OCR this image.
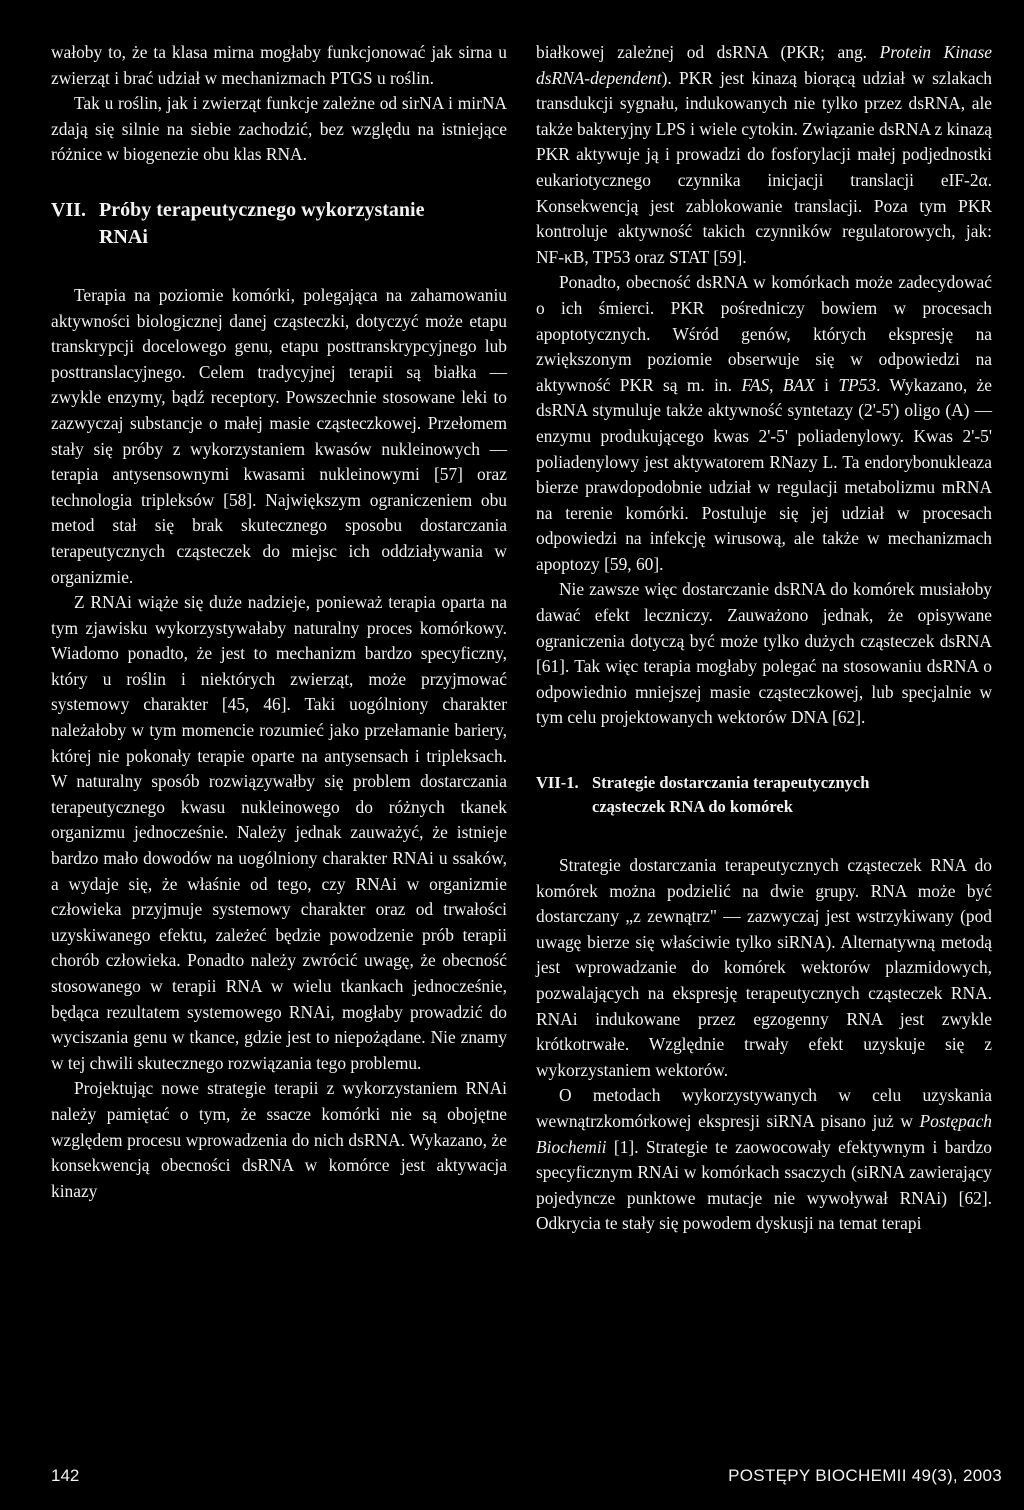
wałoby to, że ta klasa mirna mogłaby funkcjonować jak sirna u zwierząt i brać udział w mechanizmach PTGS u roślin.

Tak u roślin, jak i zwierząt funkcje zależne od sirNA i mirNA zdają się silnie na siebie zachodzić, bez względu na istniejące różnice w biogenezie obu klas RNA.

VII. Próby terapeutycznego wykorzystanie
RNAi

Terapia na poziomie komórki, polegająca na zahamowaniu aktywności biologicznej danej cząsteczki, dotyczyć może etapu transkrypcji docelowego genu, etapu posttranskrypcyjnego lub posttranslacyjnego. Celem tradycyjnej terapii są białka — zwykle enzymy, bądź receptory. Powszechnie stosowane leki to zazwyczaj substancje o małej masie cząsteczkowej. Przełomem stały się próby z wykorzystaniem kwasów nukleinowych — terapia antysensownymi kwasami nukleinowymi [57] oraz technologia tripleksów [58]. Największym ograniczeniem obu metod stał się brak skutecznego sposobu dostarczania terapeutycznych cząsteczek do miejsc ich oddziaływania w organizmie.

Z RNAi wiąże się duże nadzieje, ponieważ terapia oparta na tym zjawisku wykorzystywałaby naturalny proces komórkowy. Wiadomo ponadto, że jest to mechanizm bardzo specyficzny, który u roślin i niektórych zwierząt, może przyjmować systemowy charakter [45, 46]. Taki uogólniony charakter należałoby w tym momencie rozumieć jako przełamanie bariery, której nie pokonały terapie oparte na antysensach i tripleksach. W naturalny sposób rozwiązywałby się problem dostarczania terapeutycznego kwasu nukleinowego do różnych tkanek organizmu jednocześnie. Należy jednak zauważyć, że istnieje bardzo mało dowodów na uogólniony charakter RNAi u ssaków, a wydaje się, że właśnie od tego, czy RNAi w organizmie człowieka przyjmuje systemowy charakter oraz od trwałości uzyskiwanego efektu, zależeć będzie powodzenie prób terapii chorób człowieka. Ponadto należy zwrócić uwagę, że obecność stosowanego w terapii RNA w wielu tkankach jednocześnie, będąca rezultatem systemowego RNAi, mogłaby prowadzić do wyciszania genu w tkance, gdzie jest to niepożądane. Nie znamy w tej chwili skutecznego rozwiązania tego problemu.

Projektując nowe strategie terapii z wykorzystaniem RNAi należy pamiętać o tym, że ssacze komórki nie są obojętne względem procesu wprowadzenia do nich dsRNA. Wykazano, że konsekwencją obecności dsRNA w komórce jest aktywacja kinazy

białkowej zależnej od dsRNA (PKR; ang. Protein Kinase dsRNA-dependent). PKR jest kinazą biorącą udział w szlakach transdukcji sygnału, indukowanych nie tylko przez dsRNA, ale także bakteryjny LPS i wiele cytokin. Związanie dsRNA z kinazą PKR aktywuje ją i prowadzi do fosforylacji małej podjednostki eukariotycznego czynnika inicjacji translacji eIF-2α. Konsekwencją jest zablokowanie translacji. Poza tym PKR kontroluje aktywność takich czynników regulatorowych, jak: NF-κB, TP53 oraz STAT [59].

Ponadto, obecność dsRNA w komórkach może zadecydować o ich śmierci. PKR pośredniczy bowiem w procesach apoptotycznych. Wśród genów, których ekspresję na zwiększonym poziomie obserwuje się w odpowiedzi na aktywność PKR są m. in. FAS, BAX i TP53. Wykazano, że dsRNA stymuluje także aktywność syntetazy (2'-5') oligo (A) — enzymu produkującego kwas 2'-5' poliadenylowy. Kwas 2'-5' poliadenylowy jest aktywatorem RNazy L. Ta endorybonukleaza bierze prawdopodobnie udział w regulacji metabolizmu mRNA na terenie komórki. Postuluje się jej udział w procesach odpowiedzi na infekcję wirusową, ale także w mechanizmach apoptozy [59, 60].

Nie zawsze więc dostarczanie dsRNA do komórek musiałoby dawać efekt leczniczy. Zauważono jednak, że opisywane ograniczenia dotyczą być może tylko dużych cząsteczek dsRNA [61]. Tak więc terapia mogłaby polegać na stosowaniu dsRNA o odpowiednio mniejszej masie cząsteczkowej, lub specjalnie w tym celu projektowanych wektorów DNA [62].

VII-1. Strategie dostarczania terapeutycznych
cząsteczek RNA do komórek

Strategie dostarczania terapeutycznych cząsteczek RNA do komórek można podzielić na dwie grupy. RNA może być dostarczany „z zewnątrz" — zazwyczaj jest wstrzykiwany (pod uwagę bierze się właściwie tylko siRNA). Alternatywną metodą jest wprowadzanie do komórek wektorów plazmidowych, pozwalających na ekspresję terapeutycznych cząsteczek RNA. RNAi indukowane przez egzogenny RNA jest zwykle krótkotrwałe. Względnie trwały efekt uzyskuje się z wykorzystaniem wektorów.

O metodach wykorzystywanych w celu uzyskania wewnątrzkomórkowej ekspresji siRNA pisano już w Postępach Biochemii [1]. Strategie te zaowocowały efektywnym i bardzo specyficznym RNAi w komórkach ssaczych (siRNA zawierający pojedyncze punktowe mutacje nie wywoływał RNAi) [62]. Odkrycia te stały się powodem dyskusji na temat terapi

142	POSTĘPY BIOCHEMII 49(3), 2003
